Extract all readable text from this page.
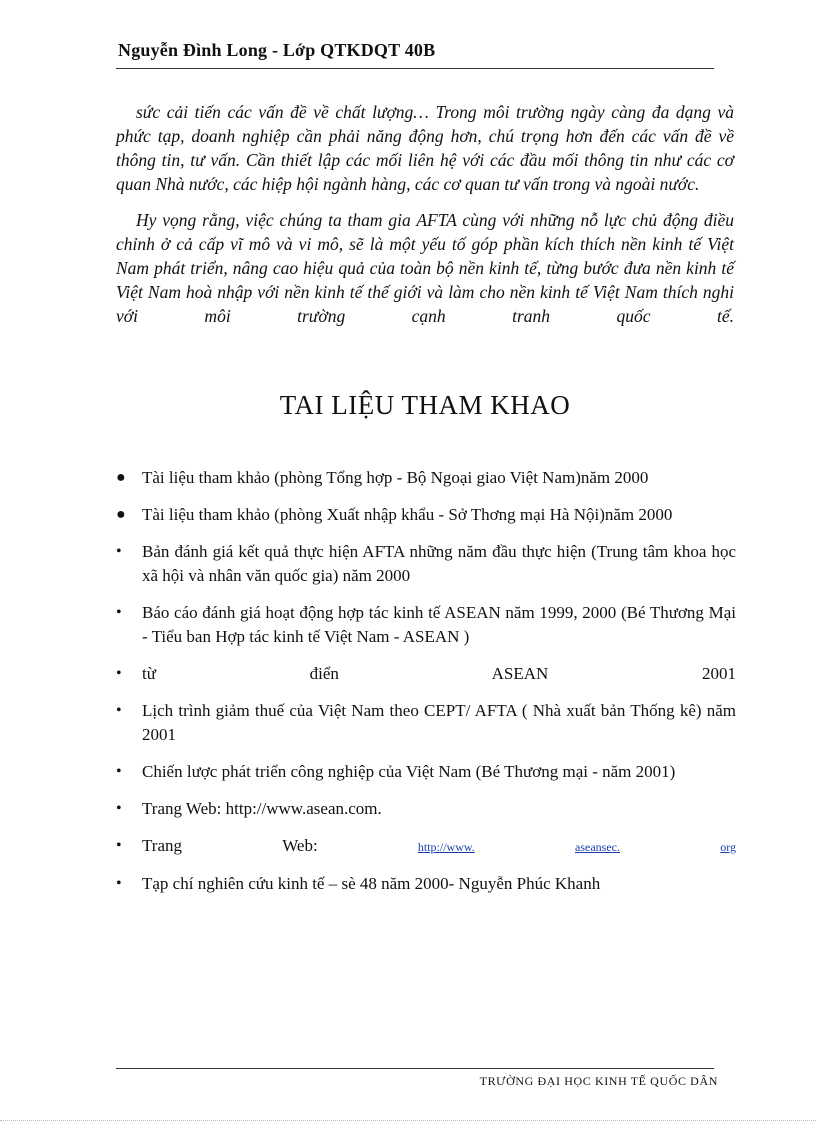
Nguyễn Đình Long - Lớp QTKDQT 40B

sức cải tiến các vấn đề về chất lượng… Trong môi trường ngày càng đa dạng và phức tạp, doanh nghiệp cần phải năng động hơn, chú trọng hơn đến các vấn đề về thông tin, tư vấn. Cần thiết lập các mối liên hệ với các đầu mối thông tin như các cơ quan Nhà nước, các hiệp hội ngành hàng, các cơ quan tư vấn trong và ngoài nước.

Hy vọng rằng, việc chúng ta tham gia AFTA cùng với những nỗ lực chủ động điều chỉnh ở cả cấp vĩ mô và vi mô, sẽ là một yếu tố góp phần kích thích nền kinh tế Việt Nam phát triển, nâng cao hiệu quả của toàn bộ nền kinh tế, từng bước đưa nền kinh tế Việt Nam hoà nhập với nền kinh tế thế giới và làm cho nền kinh tế Việt Nam thích nghi với môi trường cạnh tranh quốc tế.

TAI LIỆU THAM KHAO
● Tài liệu tham khảo (phòng Tổng hợp - Bộ Ngoại giao Việt Nam)năm 2000
● Tài liệu tham khảo (phòng Xuất nhập khẩu - Sở Thơng mại Hà Nội)năm 2000
• Bản đánh giá kết quả thực hiện AFTA những năm đầu thực hiện (Trung tâm khoa học xã hội và nhân văn quốc gia) năm 2000
• Báo cáo đánh giá hoạt động hợp tác kinh tế ASEAN năm 1999, 2000 (Bé Thương Mại - Tiểu ban Hợp tác kinh tế Việt Nam - ASEAN )
• từ điển ASEAN 2001
• Lịch trình giảm thuế của Việt Nam theo CEPT/ AFTA ( Nhà xuất bản Thống kê) năm 2001
• Chiến lược phát triển công nghiệp của Việt Nam (Bé Thương mại - năm 2001)
• Trang Web: http://www.asean.com.
• Trang	Web:	http://www.	aseansec.	org
• Tạp chí nghiên cứu kinh tế – sè 48 năm 2000- Nguyễn Phúc Khanh
TRƯỜNG ĐẠI HỌC KINH TẾ QUỐC DÂN
